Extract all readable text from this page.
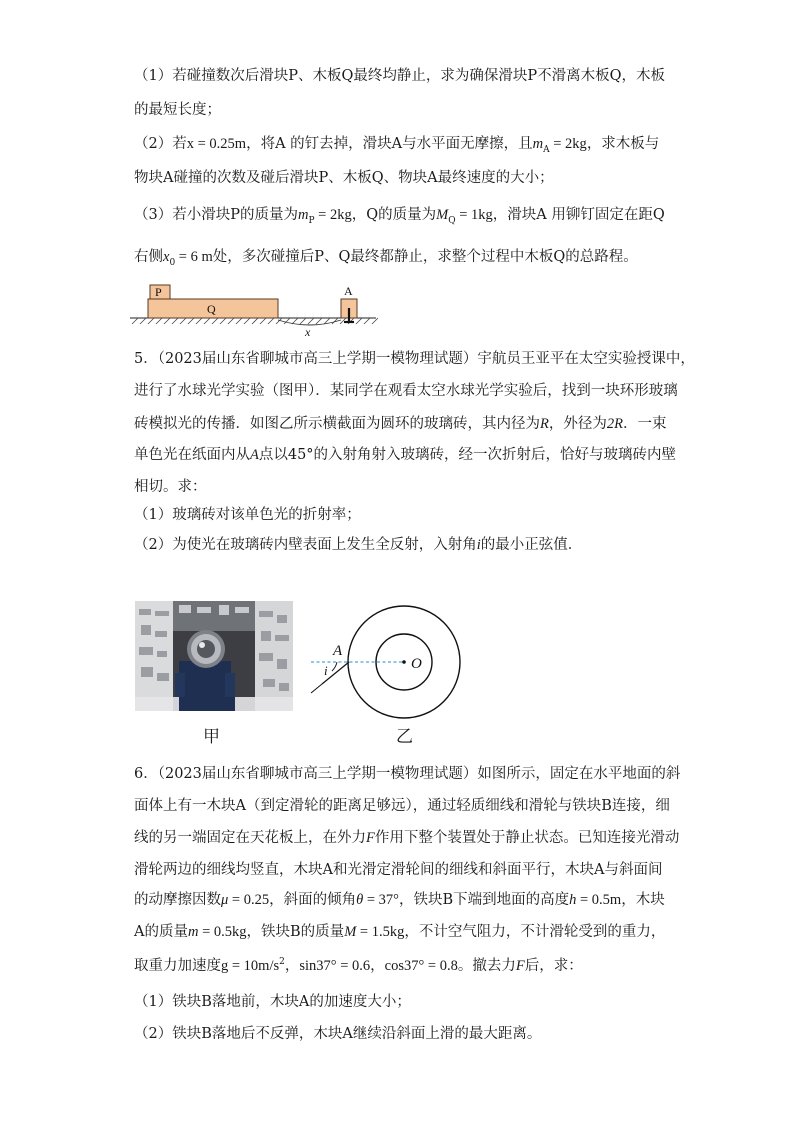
（1）若碰撞数次后滑块P、木板Q最终均静止，求为确保滑块P不滑离木板Q，木板
的最短长度；
（2）若x = 0.25m，将A 的钉去掉，滑块A与水平面无摩擦，且$m_A = 2kg$，求木板与
物块A碰撞的次数及碰后滑块P、木板Q、物块A最终速度的大小；
（3）若小滑块P的质量为$m_P = 2kg$，Q的质量为$M_Q = 1kg$，滑块A 用铆钉固定在距Q
右侧$x_0 = 6$ m处，多次碰撞后P、Q最终都静止，求整个过程中木板Q的总路程。
P
Q
A
x
5．（2023届山东省聊城市高三上学期一模物理试题）宇航员王亚平在太空实验授课中，
进行了水球光学实验（图甲）．某同学在观看太空水球光学实验后，找到一块环形玻璃
砖模拟光的传播．如图乙所示横截面为圆环的玻璃砖，其内径为R，外径为2R．一束
单色光在纸面内从A点以45°的入射角射入玻璃砖，经一次折射后，恰好与玻璃砖内壁
相切。求：
（1）玻璃砖对该单色光的折射率；
（2）为使光在玻璃砖内壁表面上发生全反射，入射角i的最小正弦值．
A
i	O
甲	乙
6．（2023届山东省聊城市高三上学期一模物理试题）如图所示，固定在水平地面的斜
面体上有一木块A（到定滑轮的距离足够远），通过轻质细线和滑轮与铁块B连接，细
线的另一端固定在天花板上，在外力F作用下整个装置处于静止状态。已知连接光滑动
滑轮两边的细线均竖直，木块A和光滑定滑轮间的细线和斜面平行，木块A与斜面间
的动摩擦因数μ = 0.25，斜面的倾角θ = 37°，铁块B下端到地面的高度h = 0.5m，木块
A的质量m = 0.5kg，铁块B的质量M = 1.5kg，不计空气阻力，不计滑轮受到的重力，
取重力加速度$g = 10m/s^2$，sin37° = 0.6，cos37° = 0.8。撤去力F后，求：
（1）铁块B落地前，木块A的加速度大小；
（2）铁块B落地后不反弹，木块A继续沿斜面上滑的最大距离。
